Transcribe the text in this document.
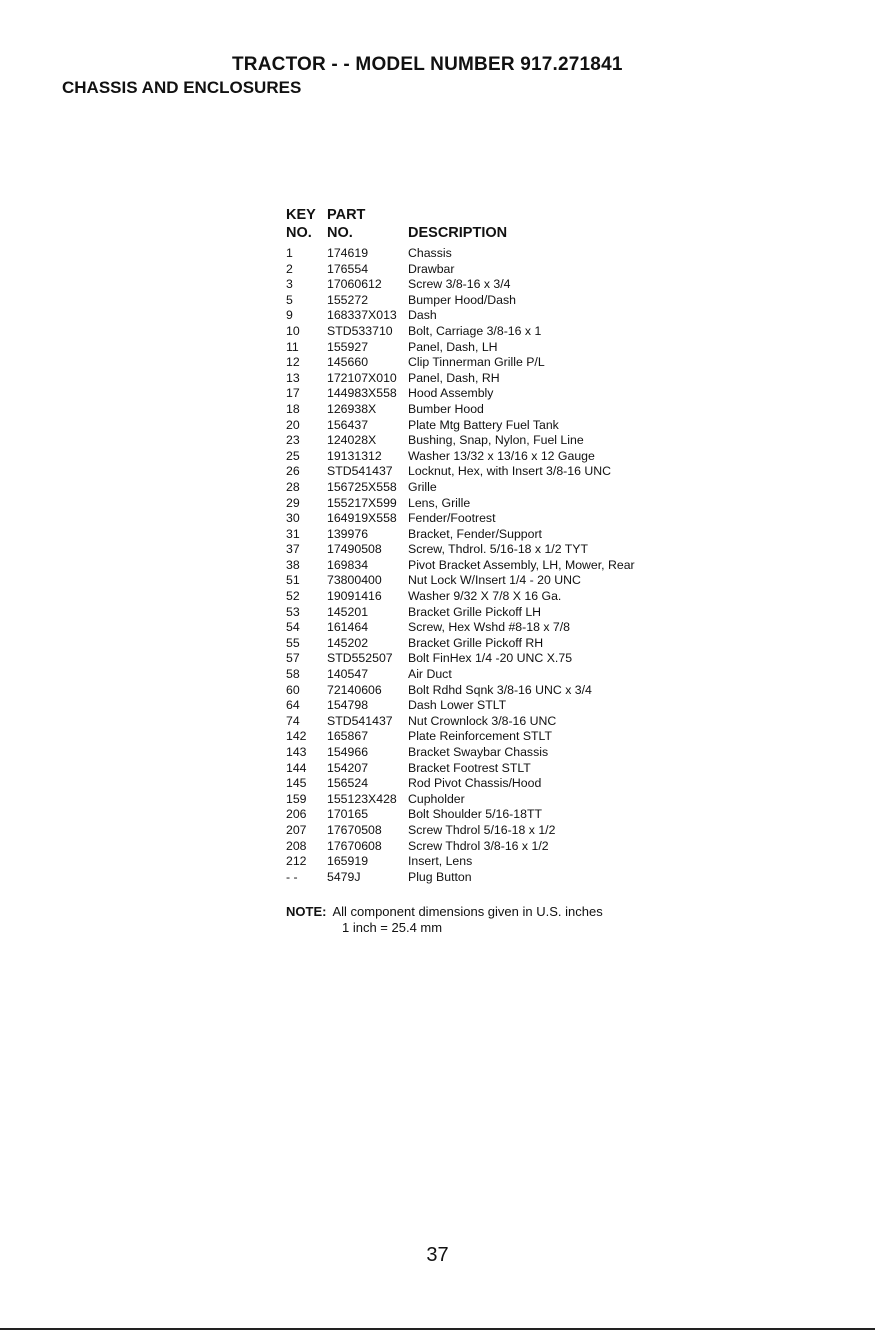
TRACTOR - - MODEL NUMBER 917.271841
CHASSIS AND ENCLOSURES
KEY PART
NO.	NO.	DESCRIPTION
1	174619	Chassis
2	176554	Drawbar
3	17060612	Screw 3/8-16 x 3/4
5	155272	Bumper Hood/Dash
9	168337X013 Dash
10	STD533710	Bolt, Carriage 3/8-16 x 1
11	155927	Panel, Dash, LH
12	145660	Clip Tinnerman Grille P/L
13	172107X010 Panel, Dash, RH
17	144983X558 Hood Assembly
18	126938X	Bumber Hood
20	156437	Plate Mtg Battery Fuel Tank
23	124028X	Bushing, Snap, Nylon, Fuel Line
25	19131312	Washer 13/32 x 13/16 x 12 Gauge
26	STD541437	Locknut, Hex, with Insert 3/8-16 UNC
28	156725X558 Grille
29	155217X599 Lens, Grille
30	164919X558 Fender/Footrest
31	139976	Bracket, Fender/Support
37	17490508	Screw, Thdrol. 5/16-18 x 1/2 TYT
38	169834	Pivot Bracket Assembly, LH, Mower, Rear
51	73800400	Nut Lock W/Insert 1/4 - 20 UNC
52	19091416	Washer 9/32 X 7/8 X 16 Ga.
53	145201	Bracket Grille Pickoff LH
54	161464	Screw, Hex Wshd #8-18 x 7/8
55	145202	Bracket Grille Pickoff RH
57	STD552507	Bolt FinHex 1/4 -20 UNC X.75
58	140547	Air Duct
60	72140606	Bolt Rdhd Sqnk 3/8-16 UNC x 3/4
64	154798	Dash Lower STLT
74	STD541437	Nut Crownlock 3/8-16 UNC
142	165867	Plate Reinforcement STLT
143	154966	Bracket Swaybar Chassis
144	154207	Bracket Footrest STLT
145	156524	Rod Pivot Chassis/Hood
159	155123X428 Cupholder
206	170165	Bolt Shoulder 5/16-18TT
207	17670508	Screw Thdrol 5/16-18 x 1/2
208	17670608	Screw Thdrol 3/8-16 x 1/2
212	165919	Insert, Lens
- -	5479J	Plug Button
NOTE: All component dimensions given in U.S. inches
1 inch = 25.4 mm
37
